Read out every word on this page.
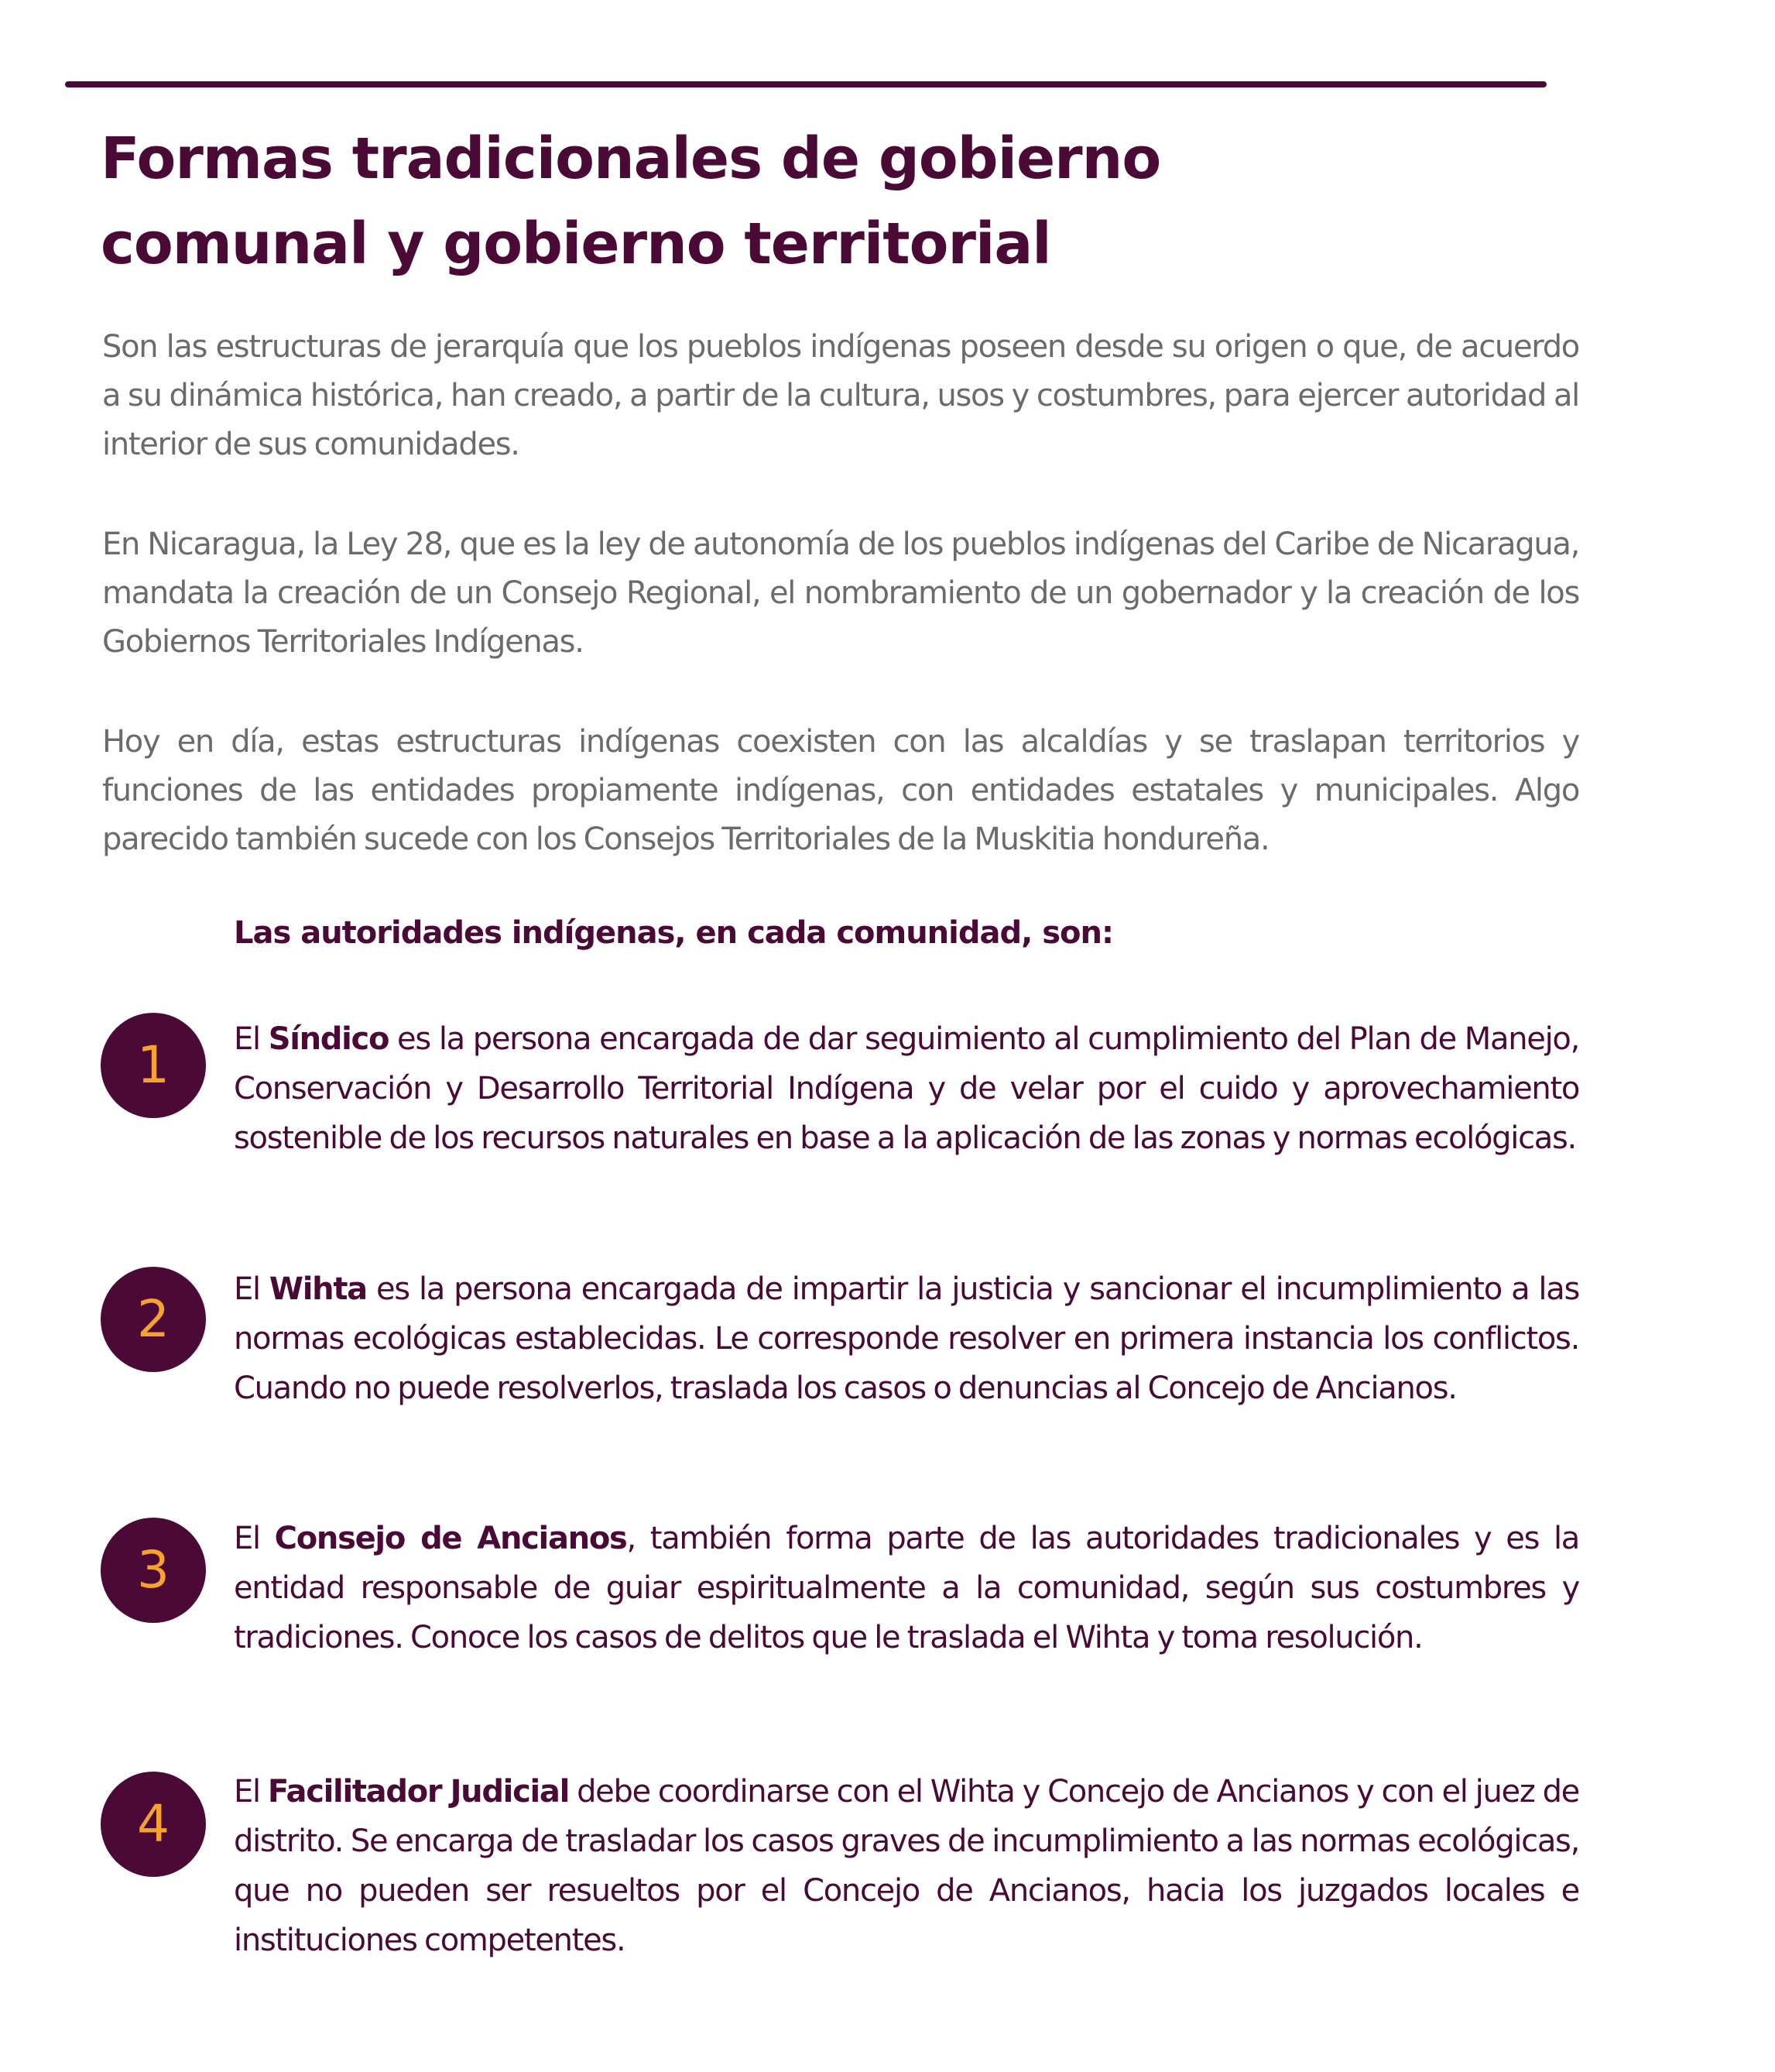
Formas tradicionales de gobierno
comunal y gobierno territorial

Son las estructuras de jerarquía que los pueblos indígenas poseen desde su origen o que, de acuerdo a su dinámica histórica, han creado, a partir de la cultura, usos y costumbres, para ejercer autoridad al interior de sus comunidades.

En Nicaragua, la Ley 28, que es la ley de autonomía de los pueblos indígenas del Caribe de Nicaragua, mandata la creación de un Consejo Regional, el nombramiento de un gobernador y la creación de los Gobiernos Territoriales Indígenas.

Hoy en día, estas estructuras indígenas coexisten con las alcaldías y se traslapan territorios y funciones de las entidades propiamente indígenas, con entidades estatales y municipales. Algo parecido también sucede con los Consejos Territoriales de la Muskitia hondureña.

Las autoridades indígenas, en cada comunidad, son:
1	El Síndico es la persona encargada de dar seguimiento al cumplimiento del Plan de Manejo, Conservación y Desarrollo Territorial Indígena y de velar por el cuido y aprovechamiento sostenible de los recursos naturales en base a la aplicación de las zonas y normas ecológicas.

2	El Wihta es la persona encargada de impartir la justicia y sancionar el incumplimiento a las normas ecológicas establecidas. Le corresponde resolver en primera instancia los conflictos. Cuando no puede resolverlos, traslada los casos o denuncias al Concejo de Ancianos.

3

El Consejo de Ancianos, también forma parte de las autoridades tradicionales y es la entidad responsable de guiar espiritualmente a la comunidad, según sus costumbres y tradiciones. Conoce los casos de delitos que le traslada el Wihta y toma resolución.

4

El Facilitador Judicial debe coordinarse con el Wihta y Concejo de Ancianos y con el juez de distrito. Se encarga de trasladar los casos graves de incumplimiento a las normas ecológicas, que no pueden ser resueltos por el Concejo de Ancianos, hacia los juzgados locales e instituciones competentes.
